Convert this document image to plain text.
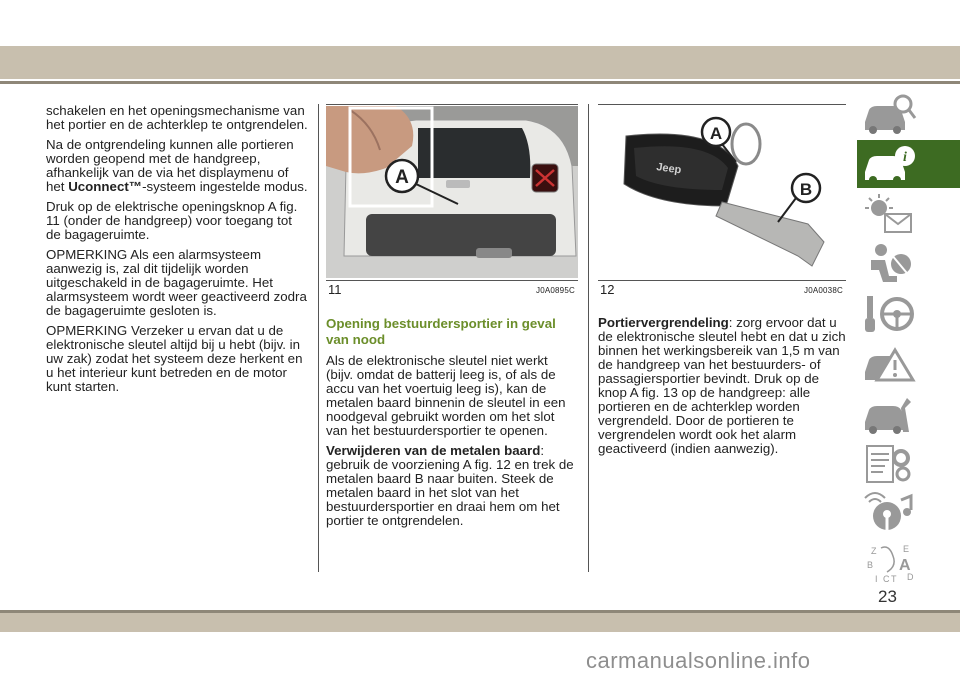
schakelen en het openingsmechanisme van het portier en de achterklep te ontgrendelen.

Na de ontgrendeling kunnen alle portieren worden geopend met de handgreep, afhankelijk van de via het displaymenu of het Uconnect™-systeem ingestelde modus.

Druk op de elektrische openingsknop A fig. 11 (onder de handgreep) voor toegang tot de bagageruimte.

OPMERKING Als een alarmsysteem aanwezig is, zal dit tijdelijk worden uitgeschakeld in de bagageruimte. Het alarmsysteem wordt weer geactiveerd zodra de bagageruimte gesloten is.

OPMERKING Verzeker u ervan dat u de elektronische sleutel altijd bij u hebt (bijv. in uw zak) zodat het systeem deze herkent en u het interieur kunt betreden en de motor kunt starten.

A
11	J0A0895C
Jeep
A
B
12	J0A0038C

Opening bestuurdersportier in geval van nood

Als de elektronische sleutel niet werkt (bijv. omdat de batterij leeg is, of als de accu van het voertuig leeg is), kan de metalen baard binnenin de sleutel in een noodgeval gebruikt worden om het slot van het bestuurdersportier te openen.

Verwijderen van de metalen baard: gebruik de voorziening A fig. 12 en trek de metalen baard B naar buiten. Steek de metalen baard in het slot van het bestuurdersportier en draai hem om het portier te ontgrendelen.

Portiervergrendeling: zorg ervoor dat u de elektronische sleutel hebt en dat u zich binnen het werkingsbereik van 1,5 m van de handgreep van het bestuurders- of passagiersportier bevindt. Druk op de knop A fig. 13 op de handgreep: alle portieren en de achterklep worden vergrendeld. Door de portieren te vergrendelen wordt ook het alarm geactiveerd (indien aanwezig).

i
Z	E
B A
I C T D
23
carmanualsonline.info
